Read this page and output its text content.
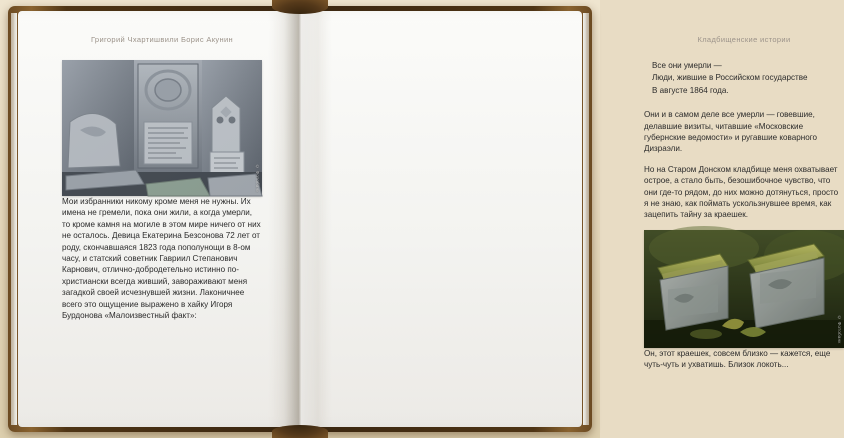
Григорий Чхартишвили Борис Акунин
© Фотобанк

Мои избранники никому кроме меня не нужны. Их имена не гремели, пока они жили, а когда умерли, то кроме камня на могиле в этом мире ничего от них не осталось. Девица Екатерина Безсонова 72 лет от роду, скончавшаяся 1823 года пополунощи в 8-ом часу, и статский советник Гавриил Степанович Карнович, отлично-добродетельно истинно по-христиански всегда живший, завораживают меня загадкой своей исчезнувшей жизни. Лаконичнее всего это ощущение выражено в хайку Игоря Бурдонова «Малоизвестный факт»:

Кладбищенские истории
Все они умерли —
Люди, жившие в Российском государстве
В августе 1864 года.

Они и в самом деле все умерли — говевшие, делавшие визиты, читавшие «Московские губернские ведомости» и ругавшие коварного Дизраэли.

Но на Старом Донском кладбище меня охватывает острое, а стало быть, безошибочное чувство, что они где-то рядом, до них можно дотянуться, просто я не знаю, как поймать ускользнувшее время, как зацепить тайну за краешек.

© Фотобанк

Он, этот краешек, совсем близко — кажется, еще чуть-чуть и ухватишь. Близок локоть...
